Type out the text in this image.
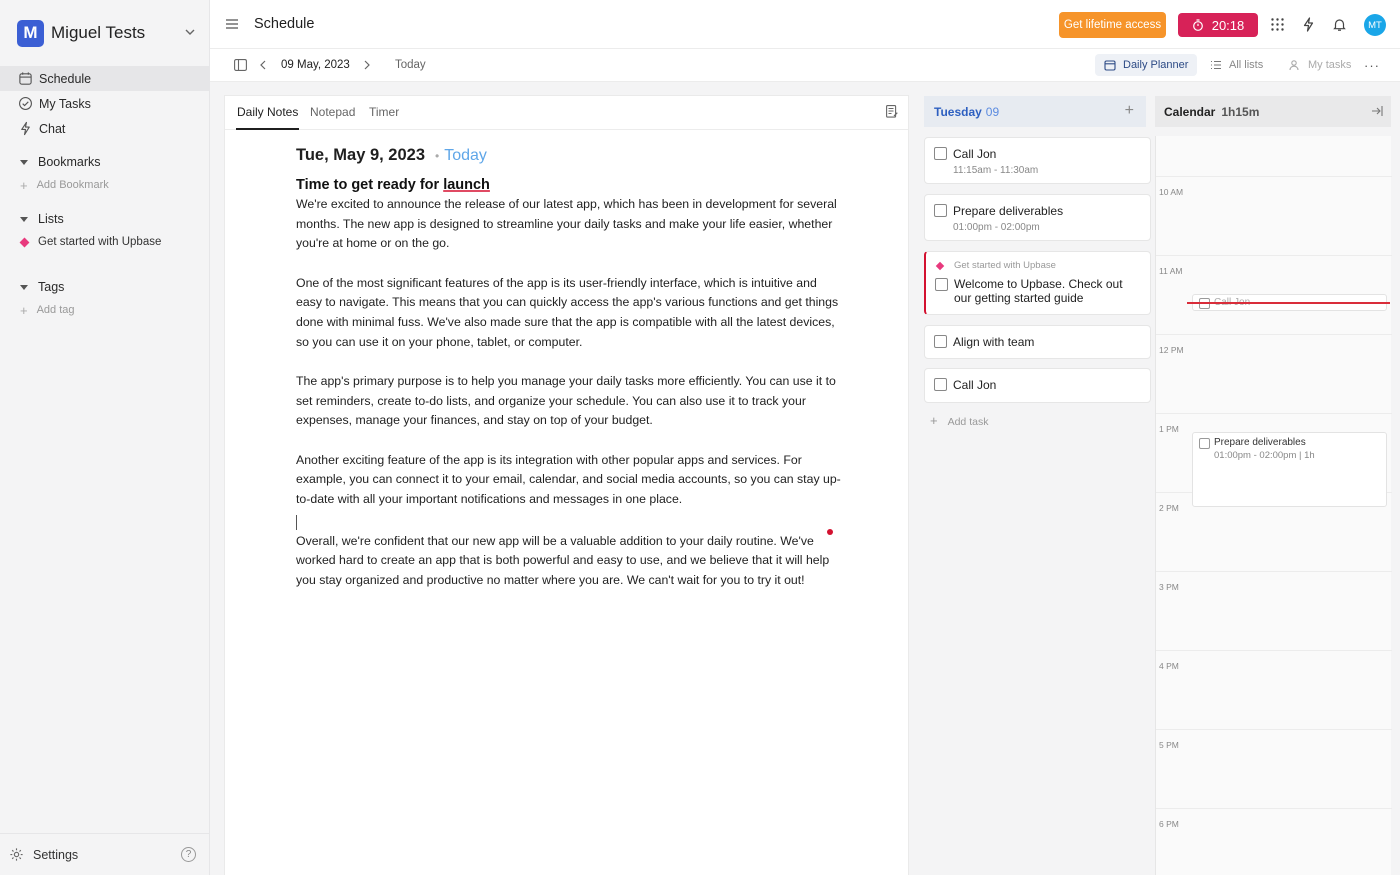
M Miguel Tests
Schedule
My Tasks
Chat
Bookmarks
+ Add Bookmark
Lists
Get started with Upbase
Tags
+ Add tag
Settings	?
Schedule	Get lifetime access	20:18	MT
09 May, 2023	Today	Daily Planner	All lists	My tasks ···
Daily Notes Notepad Timer
Tue, May 9, 2023 • Today
Time to get ready for launch

We're excited to announce the release of our latest app, which has been in development for several months. The new app is designed to streamline your daily tasks and make your life easier, whether you're at home or on the go.

One of the most significant features of the app is its user-friendly interface, which is intuitive and easy to navigate. This means that you can quickly access the app's various functions and get things done with minimal fuss. We've also made sure that the app is compatible with all the latest devices, so you can use it on your phone, tablet, or computer.

The app's primary purpose is to help you manage your daily tasks more efficiently. You can use it to set reminders, create to-do lists, and organize your schedule. You can also use it to track your expenses, manage your finances, and stay on top of your budget.

Another exciting feature of the app is its integration with other popular apps and services. For example, you can connect it to your email, calendar, and social media accounts, so you can stay up-to-date with all your important notifications and messages in one place.

Overall, we're confident that our new app will be a valuable addition to your daily routine. We've worked hard to create an app that is both powerful and easy to use, and we believe that it will help you stay organized and productive no matter where you are. We can't wait for you to try it out!

Tuesday 09	+
Call Jon
11:15am - 11:30am
Prepare deliverables
01:00pm - 02:00pm
Get started with Upbase
Welcome to Upbase. Check out our getting started guide
Align with team
Call Jon
+ Add task
Calendar 1h15m
10 AM
11 AM
12 PM
1 PM
2 PM
3 PM
4 PM
5 PM
6 PM
Prepare deliverables
01:00pm - 02:00pm | 1h
